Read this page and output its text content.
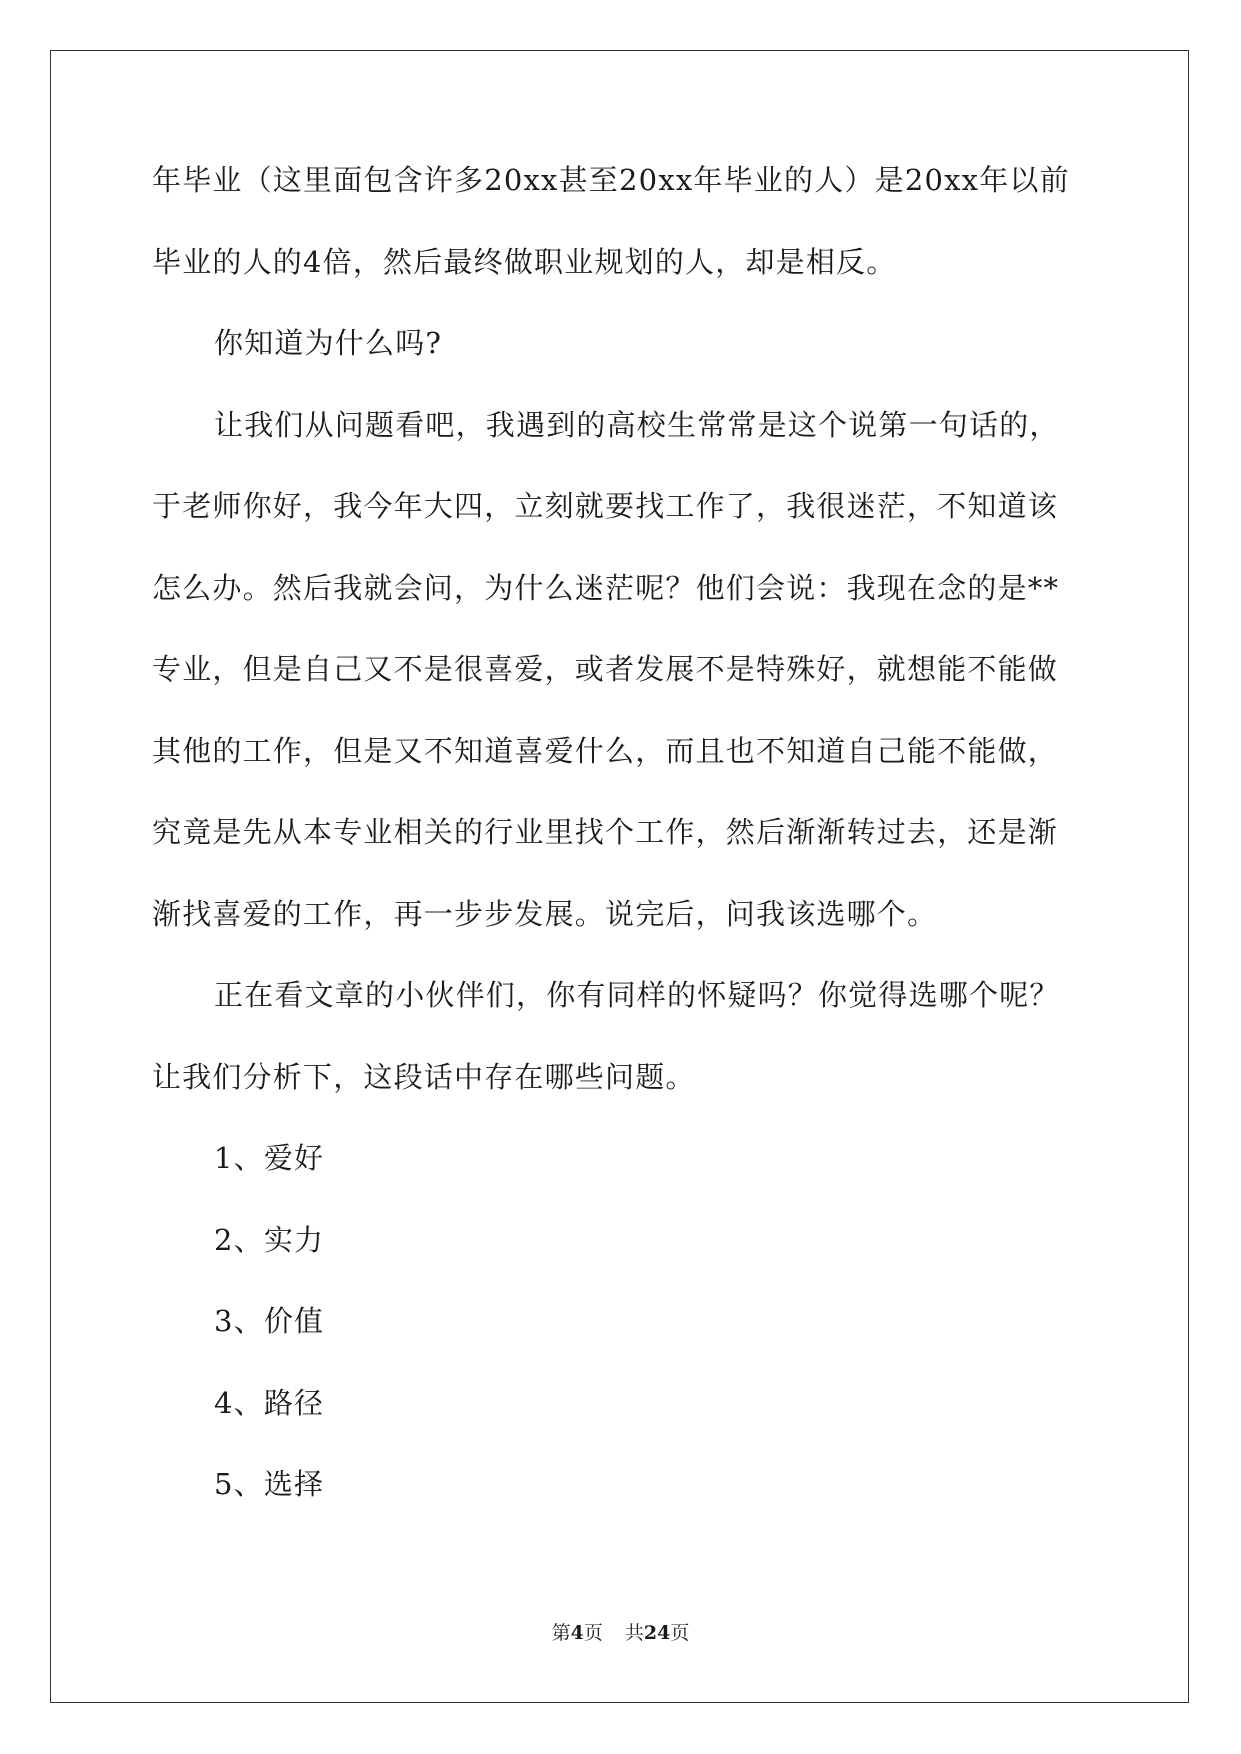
年毕业（这里面包含许多20xx甚至20xx年毕业的人）是20xx年以前
毕业的人的4倍，然后最终做职业规划的人，却是相反。
你知道为什么吗?
让我们从问题看吧，我遇到的高校生常常是这个说第一句话的，
于老师你好，我今年大四，立刻就要找工作了，我很迷茫，不知道该
怎么办。然后我就会问，为什么迷茫呢？他们会说：我现在念的是**
专业，但是自己又不是很喜爱，或者发展不是特殊好，就想能不能做
其他的工作，但是又不知道喜爱什么，而且也不知道自己能不能做，
究竟是先从本专业相关的行业里找个工作，然后渐渐转过去，还是渐
渐找喜爱的工作，再一步步发展。说完后，问我该选哪个。
正在看文章的小伙伴们，你有同样的怀疑吗？你觉得选哪个呢？
让我们分析下，这段话中存在哪些问题。
1、爱好
2、实力
3、价值
4、路径
5、选择
第4页 共24页
